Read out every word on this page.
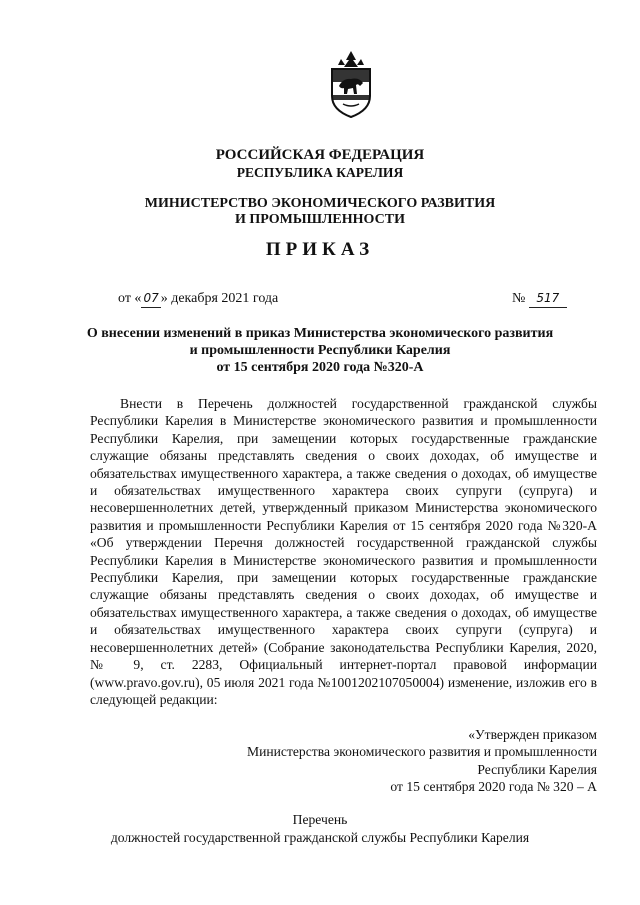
РОССИЙСКАЯ ФЕДЕРАЦИЯ
РЕСПУБЛИКА КАРЕЛИЯ
МИНИСТЕРСТВО ЭКОНОМИЧЕСКОГО РАЗВИТИЯ
И ПРОМЫШЛЕННОСТИ
ПРИКАЗ
от « 07 » декабря 2021 года	№ 517
О внесении изменений в приказ Министерства экономического развития
и промышленности Республики Карелия
от 15 сентября 2020 года №320-А

Внести в Перечень должностей государственной гражданской службы Республики Карелия в Министерстве экономического развития и промышленности Республики Карелия, при замещении которых государственные гражданские служащие обязаны представлять сведения о своих доходах, об имуществе и обязательствах имущественного характера, а также сведения о доходах, об имуществе и обязательствах имущественного характера своих супруги (супруга) и несовершеннолетних детей, утвержденный приказом Министерства экономического развития и промышленности Республики Карелия от 15 сентября 2020 года №320-А «Об утверждении Перечня должностей государственной гражданской службы Республики Карелия в Министерстве экономического развития и промышленности Республики Карелия, при замещении которых государственные гражданские служащие обязаны представлять сведения о своих доходах, об имуществе и обязательствах имущественного характера, а также сведения о доходах, об имуществе и обязательствах имущественного характера своих супруги (супруга) и несовершеннолетних детей» (Собрание законодательства Республики Карелия, 2020, № 9, ст. 2283, Официальный интернет-портал правовой информации (www.pravo.gov.ru), 05 июля 2021 года №1001202107050004) изменение, изложив его в следующей редакции:

«Утвержден приказом
Министерства экономического развития и промышленности
Республики Карелия
от 15 сентября 2020 года № 320 – А
Перечень
должностей государственной гражданской службы Республики Карелия
